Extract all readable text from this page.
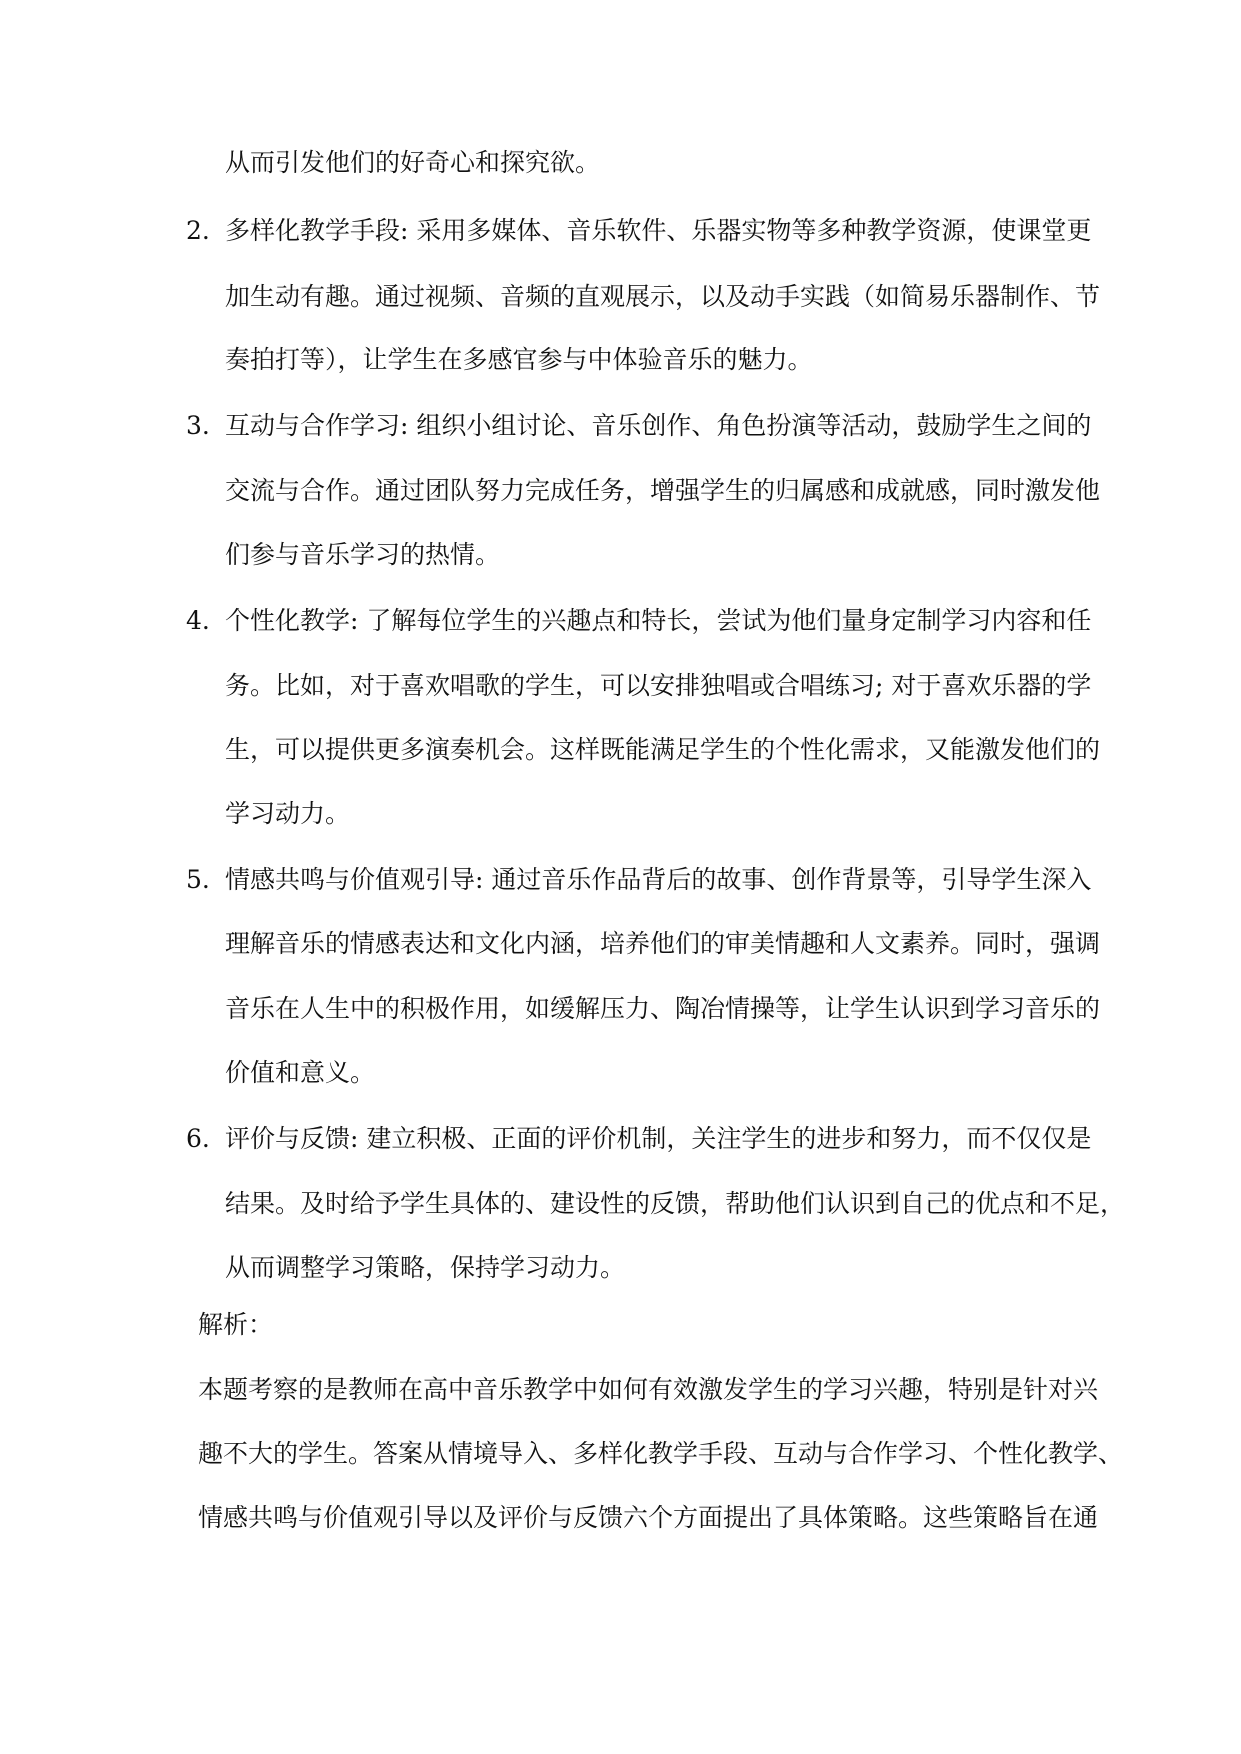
从而引发他们的好奇心和探究欲。
2. 多样化教学手段: 采用多媒体、音乐软件、乐器实物等多种教学资源，使课堂更
加生动有趣。通过视频、音频的直观展示，以及动手实践（如简易乐器制作、节
奏拍打等），让学生在多感官参与中体验音乐的魅力。
3. 互动与合作学习: 组织小组讨论、音乐创作、角色扮演等活动，鼓励学生之间的
交流与合作。通过团队努力完成任务，增强学生的归属感和成就感，同时激发他
们参与音乐学习的热情。
4. 个性化教学: 了解每位学生的兴趣点和特长，尝试为他们量身定制学习内容和任
务。比如，对于喜欢唱歌的学生，可以安排独唱或合唱练习; 对于喜欢乐器的学
生，可以提供更多演奏机会。这样既能满足学生的个性化需求，又能激发他们的
学习动力。
5. 情感共鸣与价值观引导: 通过音乐作品背后的故事、创作背景等，引导学生深入
理解音乐的情感表达和文化内涵，培养他们的审美情趣和人文素养。同时，强调
音乐在人生中的积极作用，如缓解压力、陶冶情操等，让学生认识到学习音乐的
价值和意义。
6. 评价与反馈: 建立积极、正面的评价机制，关注学生的进步和努力，而不仅仅是
结果。及时给予学生具体的、建设性的反馈，帮助他们认识到自己的优点和不足，
从而调整学习策略，保持学习动力。
解析：
本题考察的是教师在高中音乐教学中如何有效激发学生的学习兴趣，特别是针对兴
趣不大的学生。答案从情境导入、多样化教学手段、互动与合作学习、个性化教学、
情感共鸣与价值观引导以及评价与反馈六个方面提出了具体策略。这些策略旨在通
